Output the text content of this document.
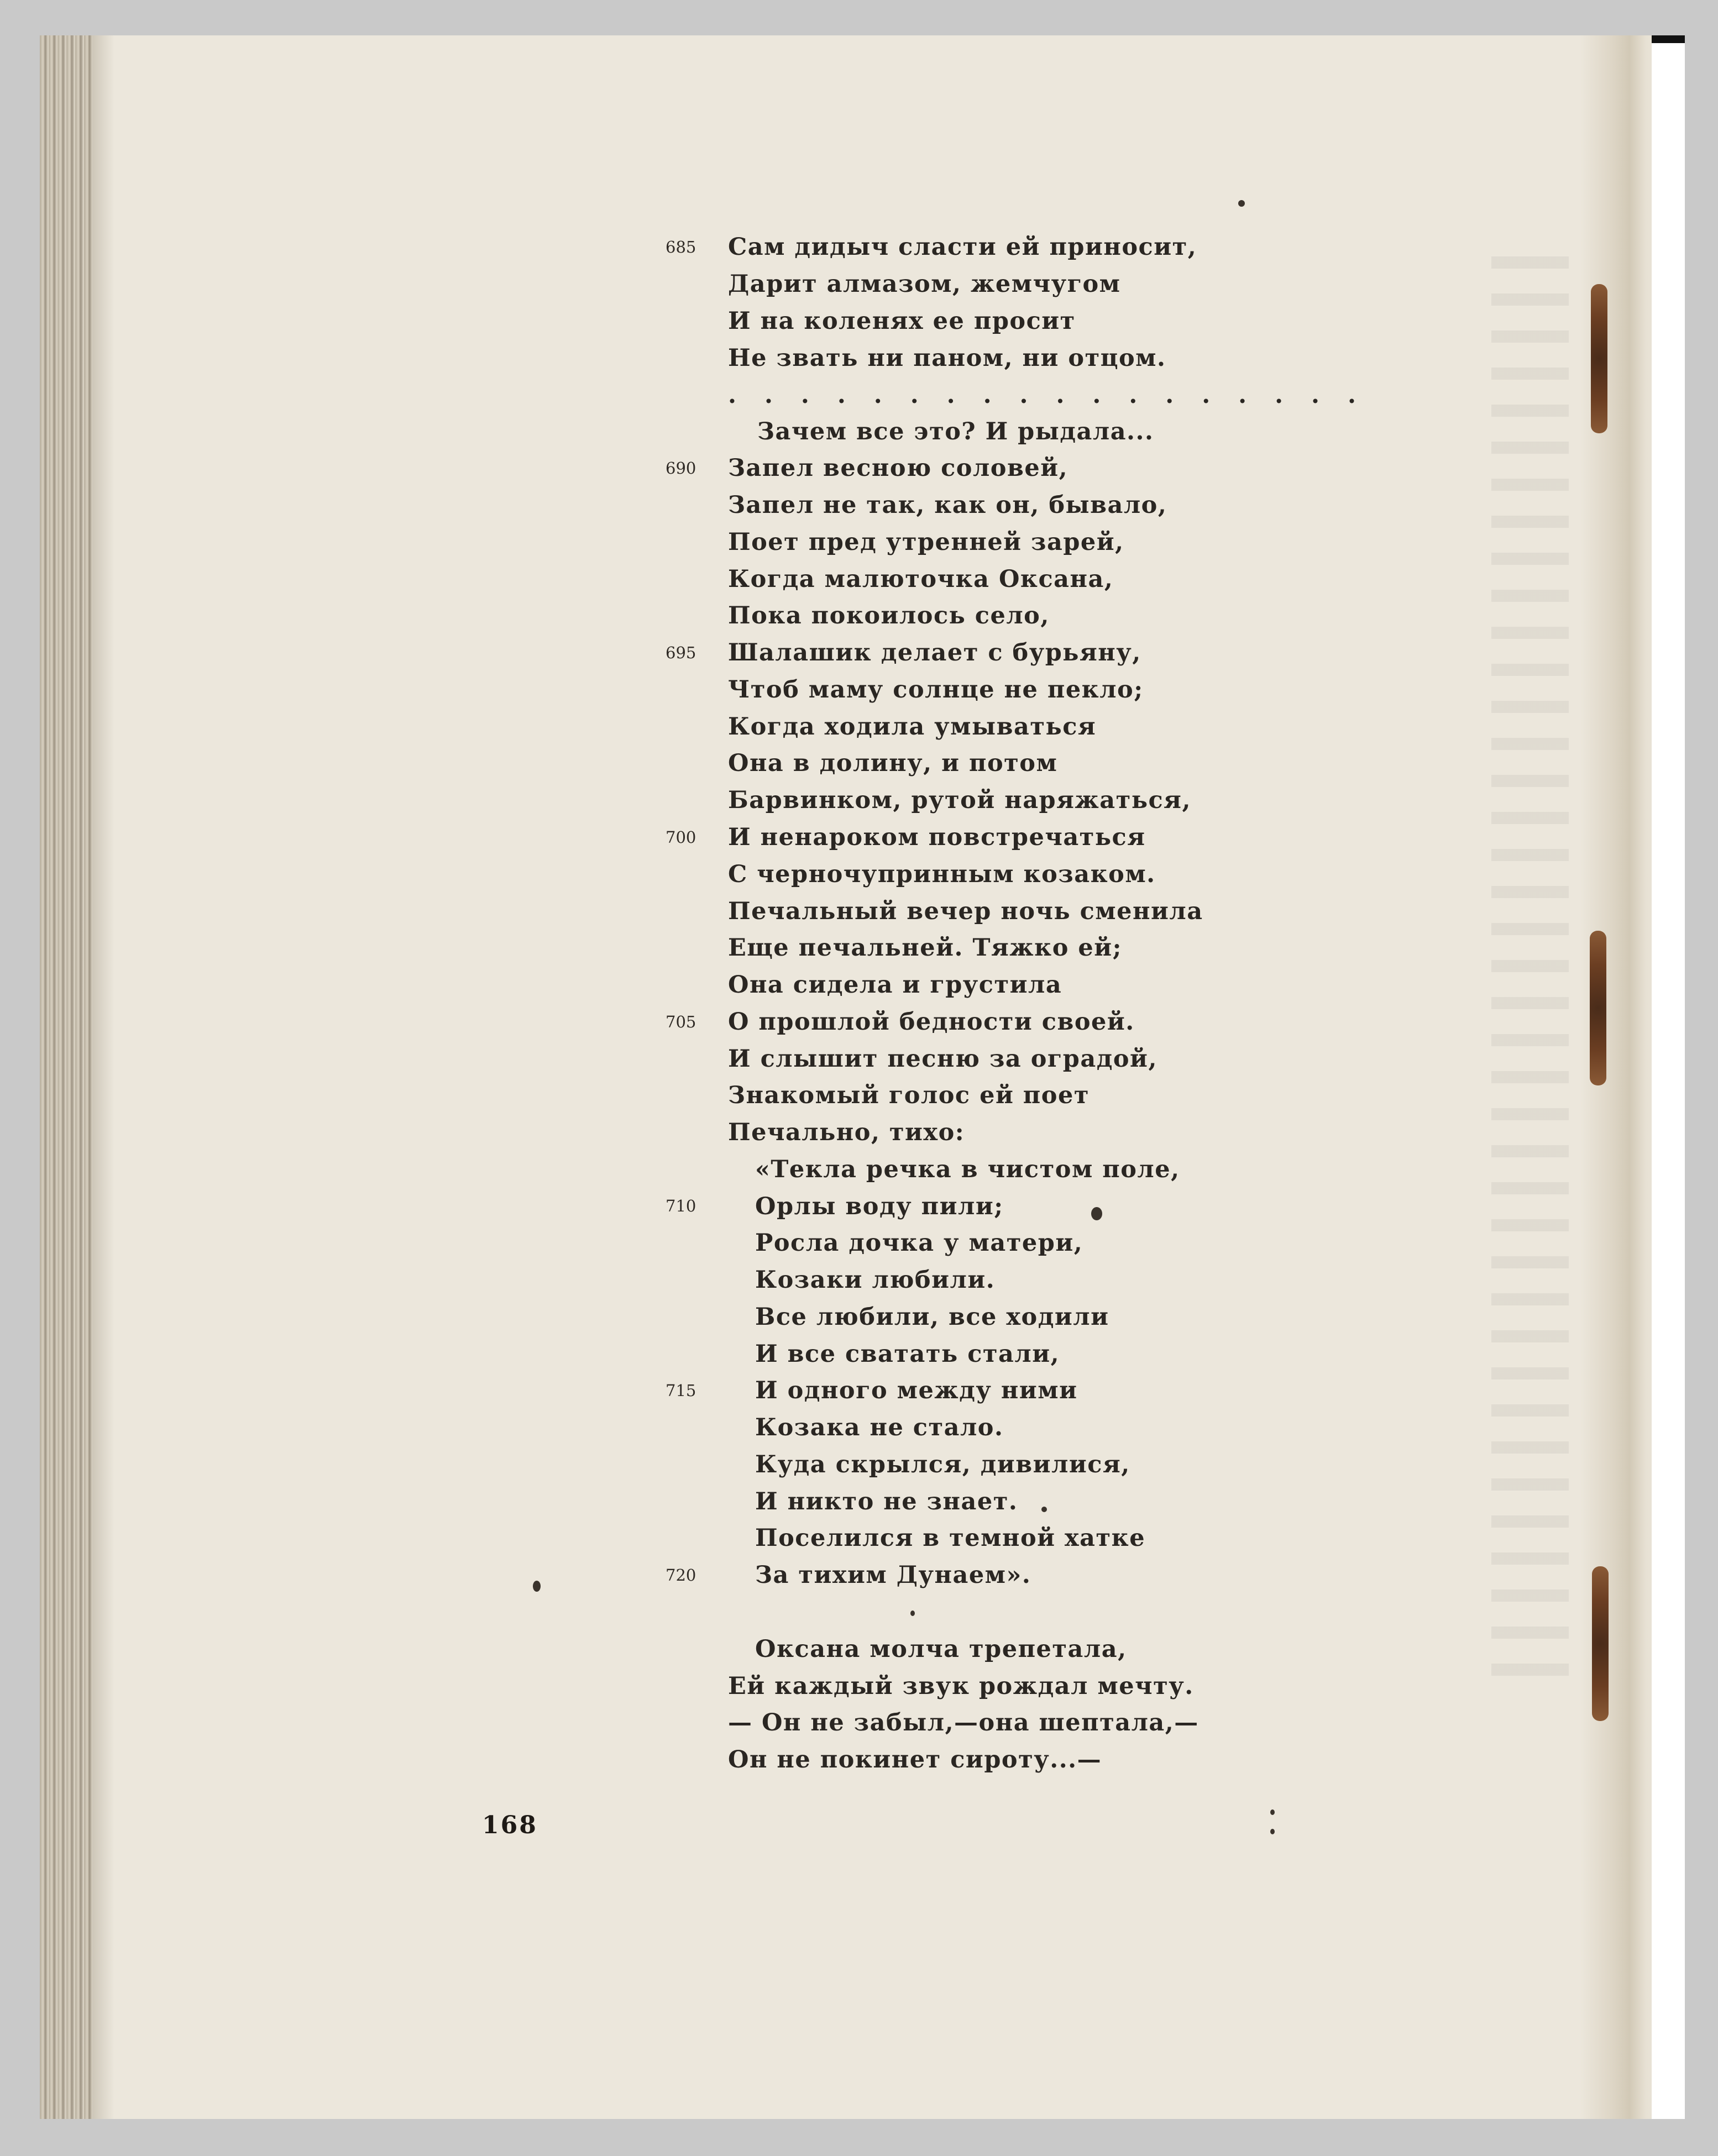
685 Сам дидыч сласти ей приносит,
Дарит алмазом, жемчугом
И на коленях ее просит
Не звать ни паном, ни отцом.
. . . . . . . . . . . . . . . . . .
Зачем все это? И рыдала...
690 Запел весною соловей,
Запел не так, как он, бывало,
Поет пред утренней зарей,
Когда малюточка Оксана,
Пока покоилось село,
695 Шалашик делает с бурьяну,
Чтоб маму солнце не пекло;
Когда ходила умываться
Она в долину, и потом
Барвинком, рутой наряжаться,
700 И ненароком повстречаться
С черночупринным козаком.
Печальный вечер ночь сменила
Еще печальней. Тяжко ей;
Она сидела и грустила
705 О прошлой бедности своей.
И слышит песню за оградой,
Знакомый голос ей поет
Печально, тихо:
«Текла речка в чистом поле,
710 Орлы воду пили;
Росла дочка у матери,
Козаки любили.
Все любили, все ходили
И все сватать стали,
715 И одного между ними
Козака не стало.
Куда скрылся, дивилися,
И никто не знает.
Поселился в темной хатке
720 За тихим Дунаем».
Оксана молча трепетала,
Ей каждый звук рождал мечту.
— Он не забыл,—она шептала,—
Он не покинет сироту...—
168
